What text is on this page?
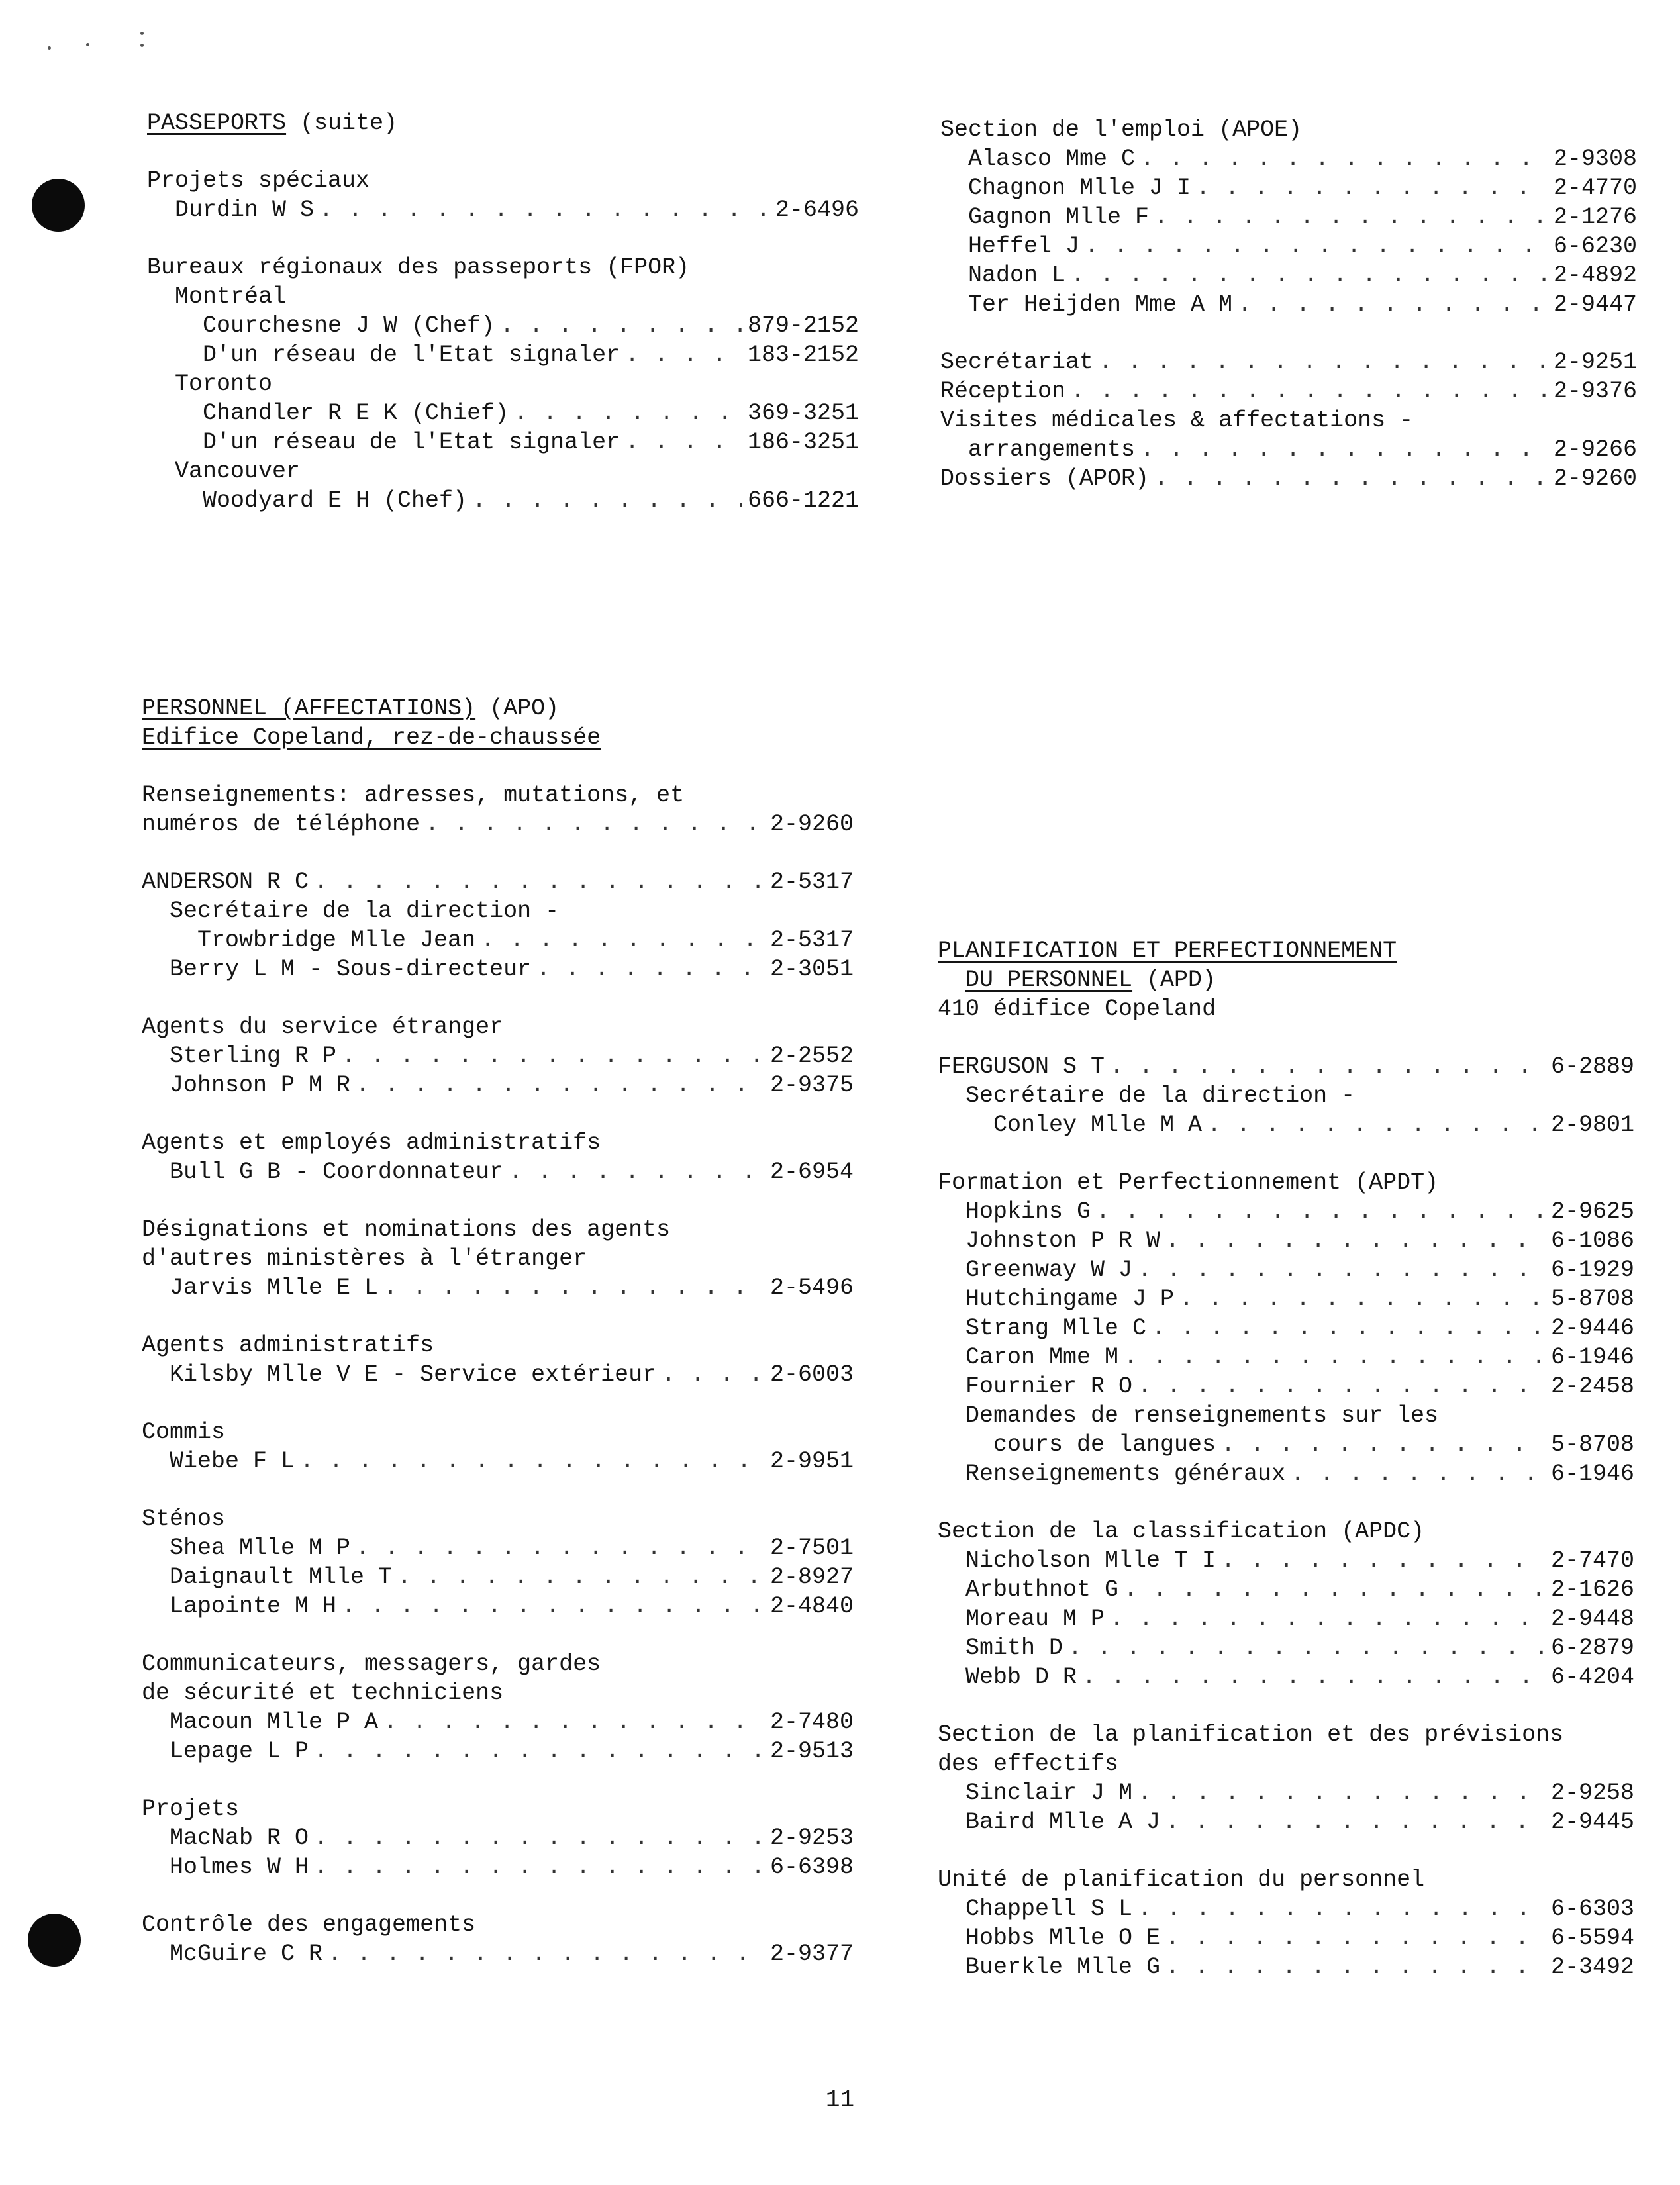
PASSEPORTS (suite)
Projets spéciaux
Durdin W S . . .	2-6496
Bureaux régionaux des passeports (FPOR)
Montréal
Courchesne J W (Chef) . . .	879-2152
D'un réseau de l'Etat signaler . . .	183-2152
Toronto
Chandler R E K (Chief) . . .	369-3251
D'un réseau de l'Etat signaler . . .	186-3251
Vancouver
Woodyard E H (Chef) . . .	666-1221
PERSONNEL (AFFECTATIONS) (APO)
Edifice Copeland, rez-de-chaussée
Renseignements: adresses, mutations, et
numéros de téléphone . . .	2-9260
ANDERSON R C . . .	2-5317
Secrétaire de la direction -
Trowbridge Mlle Jean . . .	2-5317
Berry L M - Sous-directeur . . .	2-3051
Agents du service étranger
Sterling R P . . .	2-2552
Johnson P M R . . .	2-9375
Agents et employés administratifs
Bull G B - Coordonnateur . . .	2-6954
Désignations et nominations des agents
d'autres ministères à l'étranger
Jarvis Mlle E L . . .	2-5496
Agents administratifs
Kilsby Mlle V E - Service extérieur . . .	2-6003
Commis
Wiebe F L . . .	2-9951
Sténos
Shea Mlle M P . . .	2-7501
Daignault Mlle T . . .	2-8927
Lapointe M H . . .	2-4840
Communicateurs, messagers, gardes
de sécurité et techniciens
Macoun Mlle P A . . .	2-7480
Lepage L P . . .	2-9513
Projets
MacNab R O . . .	2-9253
Holmes W H . . .	6-6398
Contrôle des engagements
McGuire C R . . .	2-9377
Section de l'emploi (APOE)
Alasco Mme C . . .	2-9308
Chagnon Mlle J I . . .	2-4770
Gagnon Mlle F . . .	2-1276
Heffel J . . .	6-6230
Nadon L . . .	2-4892
Ter Heijden Mme A M . . .	2-9447
Secrétariat . . .	2-9251
Réception . . .	2-9376
Visites médicales & affectations -
arrangements . . .	2-9266
Dossiers (APOR) . . .	2-9260
PLANIFICATION ET PERFECTIONNEMENT
DU PERSONNEL (APD)
410 édifice Copeland
FERGUSON S T . . .	6-2889
Secrétaire de la direction -
Conley Mlle M A . . .	2-9801
Formation et Perfectionnement (APDT)
Hopkins G . . .	2-9625
Johnston P R W . . .	6-1086
Greenway W J . . .	6-1929
Hutchingame J P . . .	5-8708
Strang Mlle C . . .	2-9446
Caron Mme M . . .	6-1946
Fournier R O . . .	2-2458
Demandes de renseignements sur les
cours de langues . . .	5-8708
Renseignements généraux . . .	6-1946
Section de la classification (APDC)
Nicholson Mlle T I . . .	2-7470
Arbuthnot G . . .	2-1626
Moreau M P . . .	2-9448
Smith D . . .	6-2879
Webb D R . . .	6-4204
Section de la planification et des prévisions
des effectifs
Sinclair J M . . .	2-9258
Baird Mlle A J . . .	2-9445
Unité de planification du personnel
Chappell S L . . .	6-6303
Hobbs Mlle O E . . .	6-5594
Buerkle Mlle G . . .	2-3492
11
